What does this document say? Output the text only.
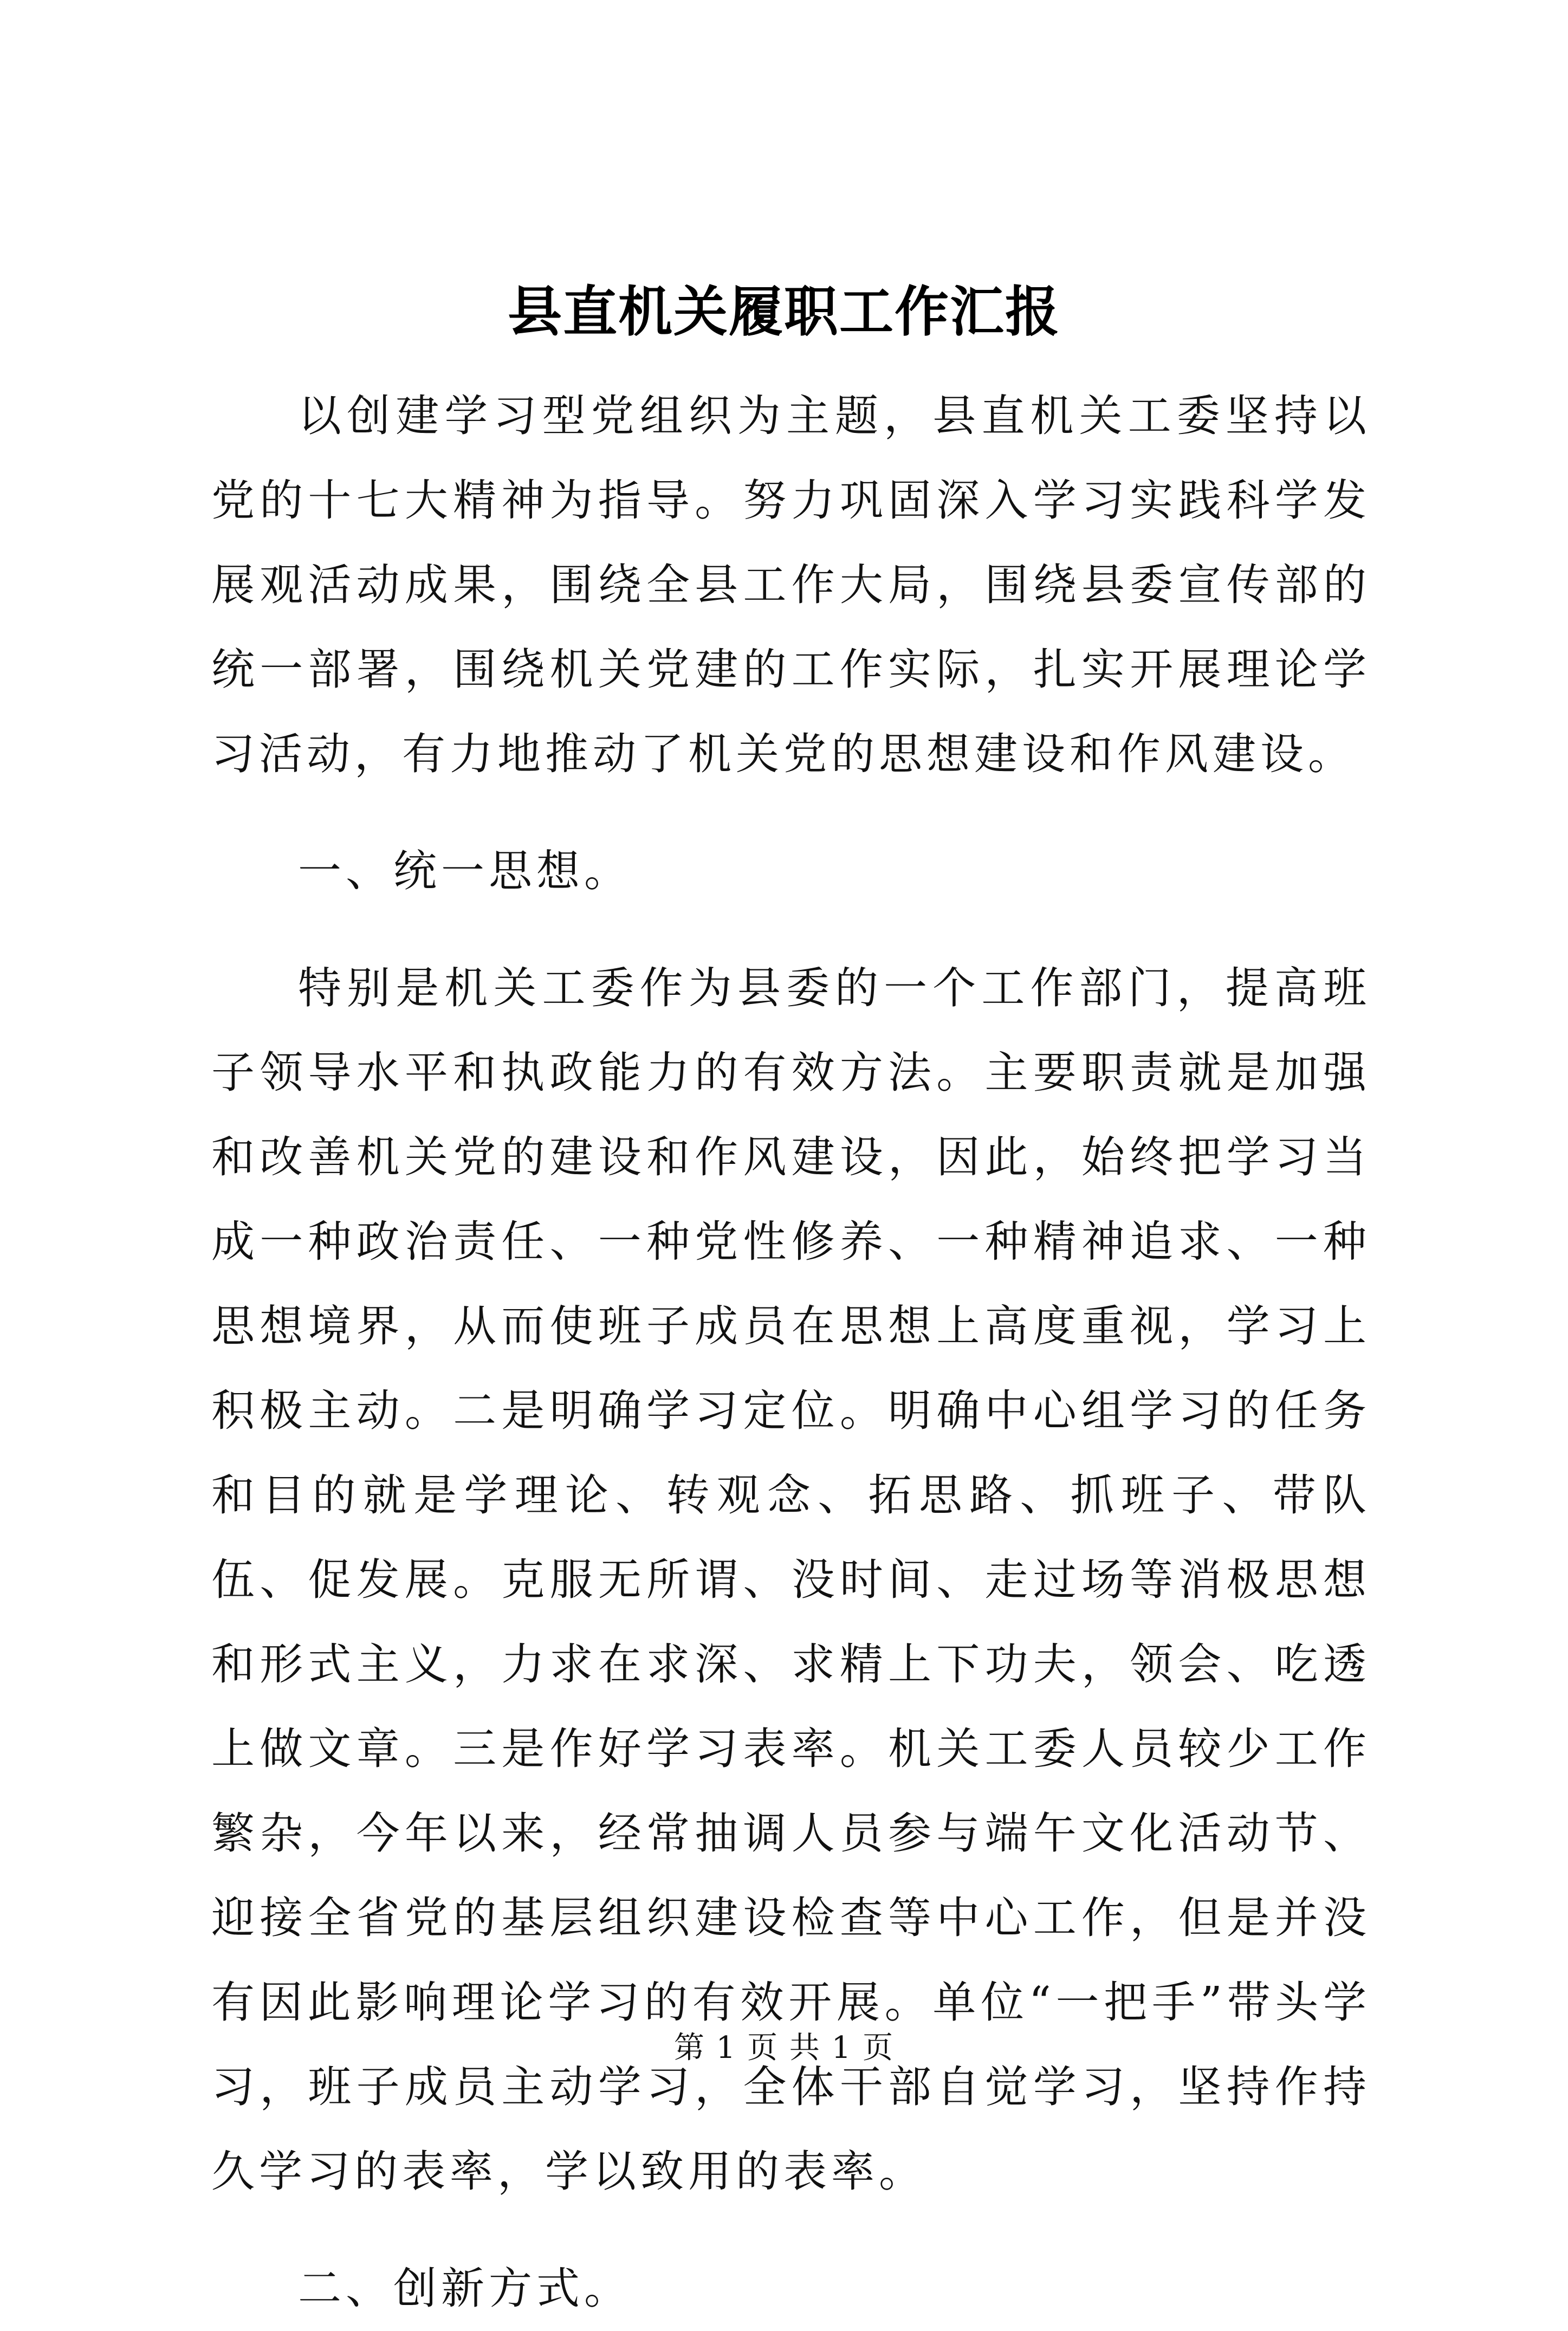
县直机关履职工作汇报

以创建学习型党组织为主题，县直机关工委坚持以党的十七大精神为指导。努力巩固深入学习实践科学发展观活动成果，围绕全县工作大局，围绕县委宣传部的统一部署，围绕机关党建的工作实际，扎实开展理论学习活动，有力地推动了机关党的思想建设和作风建设。

一、统一思想。

特别是机关工委作为县委的一个工作部门，提高班子领导水平和执政能力的有效方法。主要职责就是加强和改善机关党的建设和作风建设，因此，始终把学习当成一种政治责任、一种党性修养、一种精神追求、一种思想境界，从而使班子成员在思想上高度重视，学习上积极主动。二是明确学习定位。明确中心组学习的任务和目的就是学理论、转观念、拓思路、抓班子、带队伍、促发展。克服无所谓、没时间、走过场等消极思想和形式主义，力求在求深、求精上下功夫，领会、吃透上做文章。三是作好学习表率。机关工委人员较少工作繁杂，今年以来，经常抽调人员参与端午文化活动节、迎接全省党的基层组织建设检查等中心工作，但是并没有因此影响理论学习的有效开展。单位“一把手”带头学习，班子成员主动学习，全体干部自觉学习，坚持作持久学习的表率，学以致用的表率。

二、创新方式。

第 1 页 共 1 页
